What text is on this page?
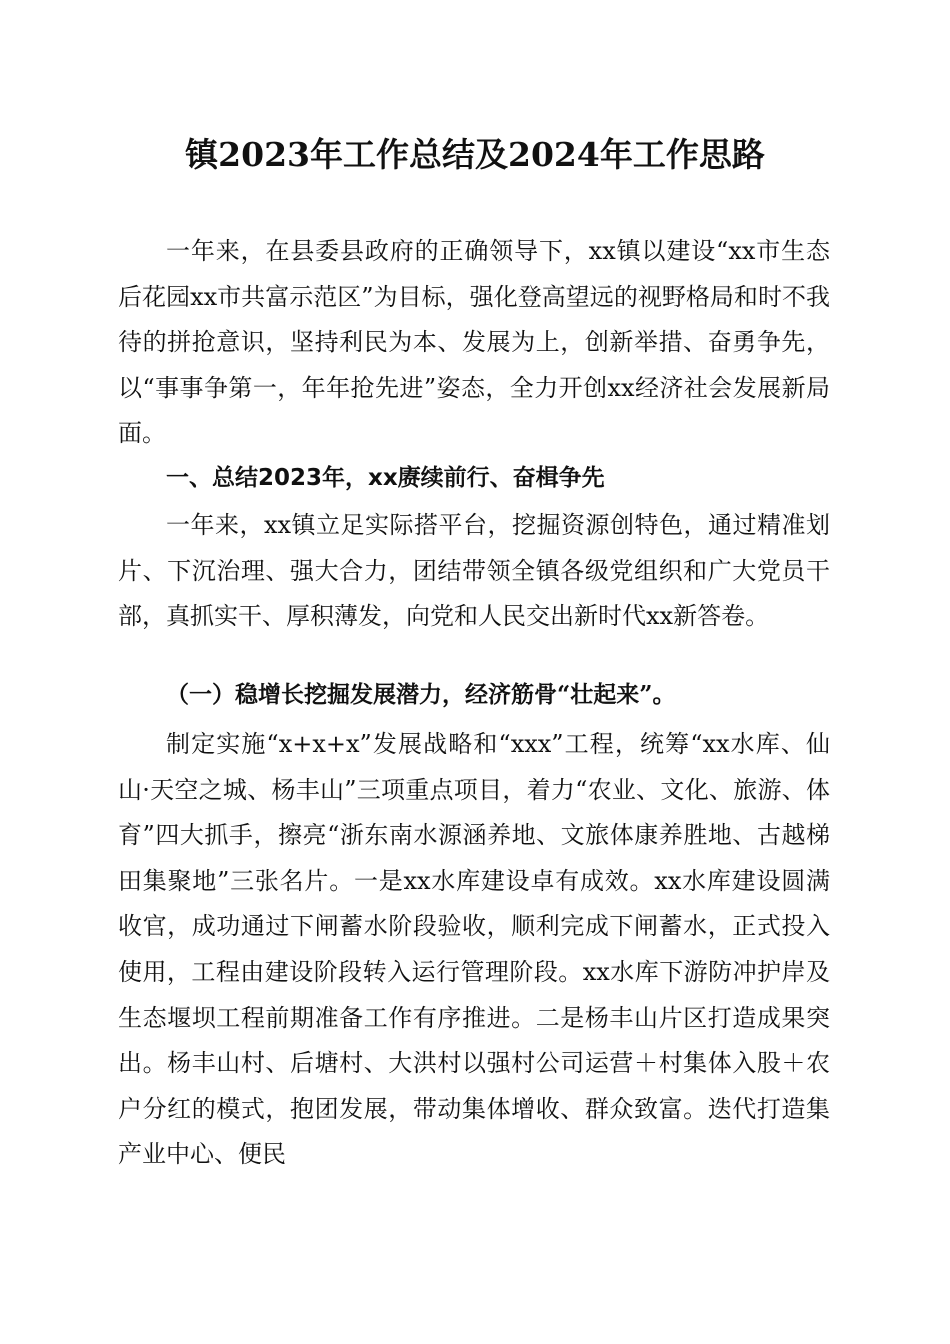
镇2023年工作总结及2024年工作思路

一年来，在县委县政府的正确领导下，xx镇以建设“xx市生态后花园xx市共富示范区”为目标，强化登高望远的视野格局和时不我待的拼抢意识，坚持利民为本、发展为上，创新举措、奋勇争先，以“事事争第一，年年抢先进”姿态，全力开创xx经济社会发展新局面。

一、总结2023年，xx赓续前行、奋楫争先

一年来，xx镇立足实际搭平台，挖掘资源创特色，通过精准划片、下沉治理、强大合力，团结带领全镇各级党组织和广大党员干部，真抓实干、厚积薄发，向党和人民交出新时代xx新答卷。

（一）稳增长挖掘发展潜力，经济筋骨“壮起来”。

制定实施“x+x+x”发展战略和“xxx”工程，统筹“xx水库、仙山·天空之城、杨丰山”三项重点项目，着力“农业、文化、旅游、体育”四大抓手，擦亮“浙东南水源涵养地、文旅体康养胜地、古越梯田集聚地”三张名片。一是xx水库建设卓有成效。xx水库建设圆满收官，成功通过下闸蓄水阶段验收，顺利完成下闸蓄水，正式投入使用，工程由建设阶段转入运行管理阶段。xx水库下游防冲护岸及生态堰坝工程前期准备工作有序推进。二是杨丰山片区打造成果突出。杨丰山村、后塘村、大洪村以强村公司运营＋村集体入股＋农户分红的模式，抱团发展，带动集体增收、群众致富。迭代打造集产业中心、便民
